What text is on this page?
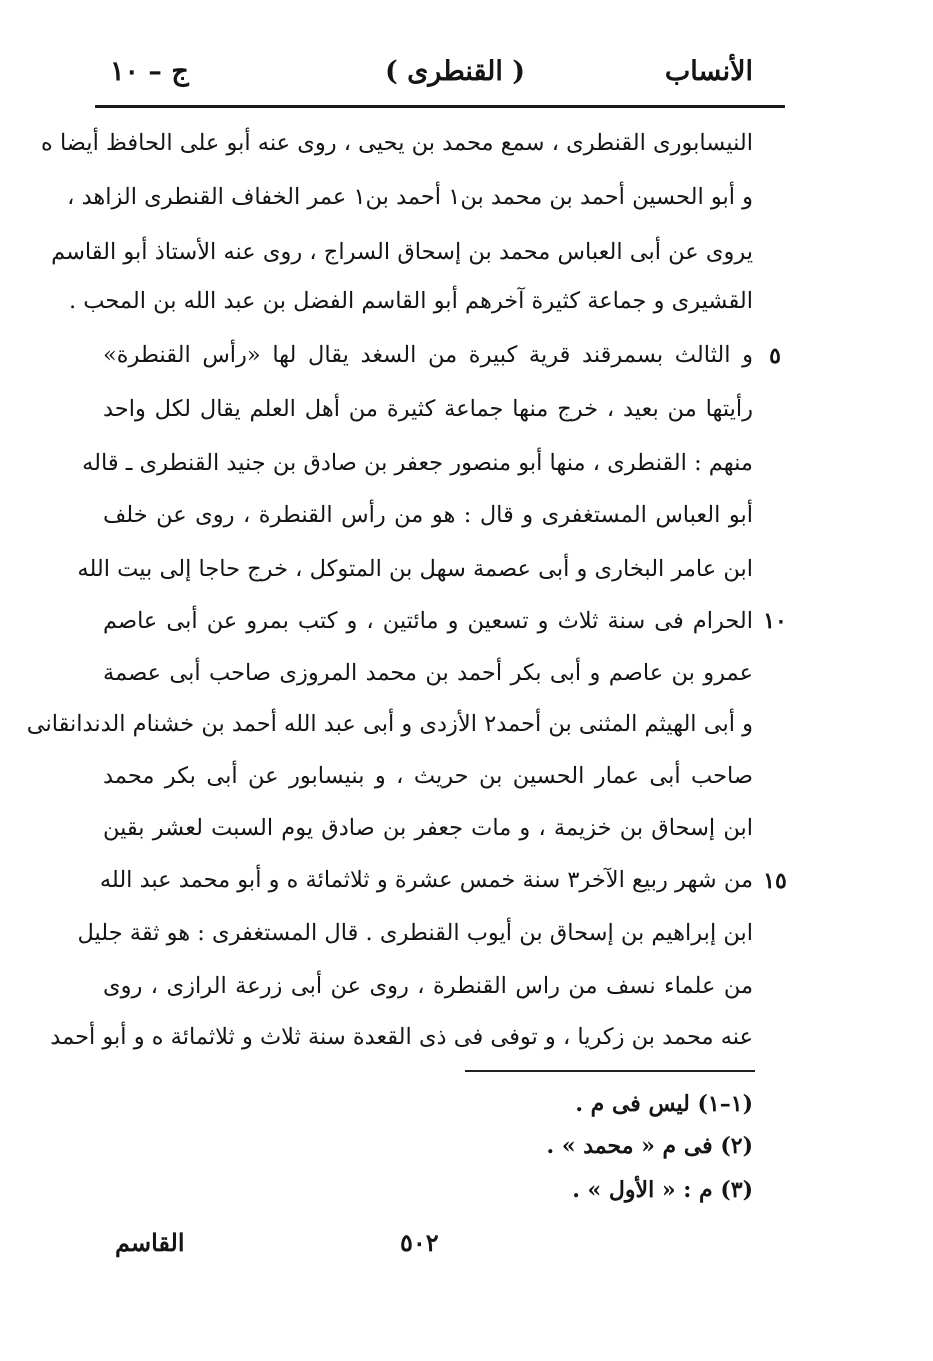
الأنساب
( القنطرى )
ج – ١٠
النيسابورى القنطرى ، سمع محمد بن يحيى ، روى عنه أبو على الحافظ أيضا ه
و أبو الحسين أحمد بن محمد بن١ أحمد بن١ عمر الخفاف القنطرى الزاهد ،
يروى عن أبى العباس محمد بن إسحاق السراج ، روى عنه الأستاذ أبو القاسم
القشيرى و جماعة كثيرة آخرهم أبو القاسم الفضل بن عبد الله بن المحب .
و الثالث بسمرقند قرية كبيرة من السغد يقال لها «رأس القنطرة»
رأيتها من بعيد ، خرج منها جماعة كثيرة من أهل العلم يقال لكل واحد
منهم : القنطرى ، منها أبو منصور جعفر بن صادق بن جنيد القنطرى ـ قاله
أبو العباس المستغفرى و قال : هو من رأس القنطرة ، روى عن خلف
ابن عامر البخارى و أبى عصمة سهل بن المتوكل ، خرج حاجا إلى بيت الله
الحرام فى سنة ثلاث و تسعين و مائتين ، و كتب بمرو عن أبى عاصم
عمرو بن عاصم و أبى بكر أحمد بن محمد المروزى صاحب أبى عصمة
و أبى الهيثم المثنى بن أحمد٢ الأزدى و أبى عبد الله أحمد بن خشنام الدندانقانى
صاحب أبى عمار الحسين بن حريث ، و بنيسابور عن أبى بكر محمد
ابن إسحاق بن خزيمة ، و مات جعفر بن صادق يوم السبت لعشر بقين
من شهر ربيع الآخر٣ سنة خمس عشرة و ثلاثمائة ه و أبو محمد عبد الله
ابن إبراهيم بن إسحاق بن أيوب القنطرى . قال المستغفرى : هو ثقة جليل
من علماء نسف من راس القنطرة ، روى عن أبى زرعة الرازى ، روى
عنه محمد بن زكريا ، و توفى فى ذى القعدة سنة ثلاث و ثلاثمائة ه و أبو أحمد
٥
١٠
١٥
(١–١) ليس فى م .
(٢) فى م « محمد » .
(٣) م : « الأول » .
٥٠٢
القاسم
